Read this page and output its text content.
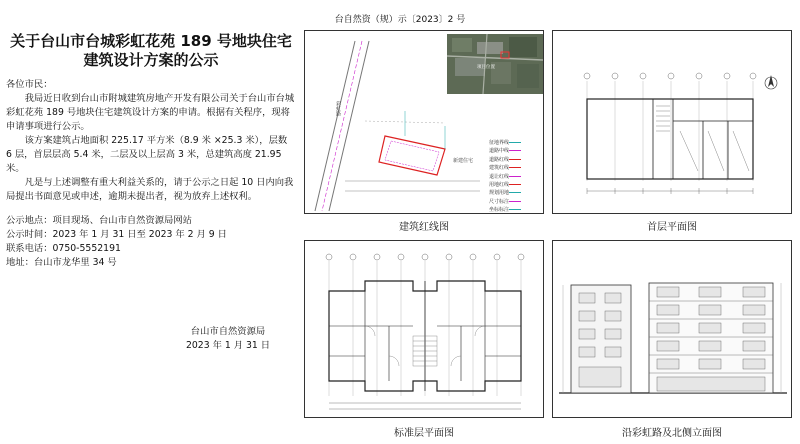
台自然资（规）示〔2023〕2 号
关于台山市台城彩虹花苑 189 号地块住宅
建筑设计方案的公示

各位市民：

我局近日收到台山市附城建筑房地产开发有限公司关于台山市台城彩虹花苑 189 号地块住宅建筑设计方案的申请。根据有关程序，现将申请事项进行公示。

该方案建筑占地面积 225.17 平方米（8.9 米 ×25.3 米），层数 6 层，首层层高 5.4 米，二层及以上层高 3 米，总建筑高度 21.95 米。

凡是与上述调整有重大利益关系的，请于公示之日起 10 日内向我局提出书面意见或申述，逾期未提出者，视为放弃上述权利。

公示地点：项目现场、台山市自然资源局网站
公示时间：2023 年 1 月 31 日至 2023 年 2 月 9 日
联系电话：0750-5552191
地址：台山市龙华里 34 号
台山市自然资源局
2023 年 1 月 31 日
项目位置
彩虹路
新建住宅
征地界线
道路中线
道路红线
建筑红线
退让红线
用地红线
规划用地
尺寸标注
坐标标注
建筑红线图	首层平面图
标准层平面图	沿彩虹路及北侧立面图
